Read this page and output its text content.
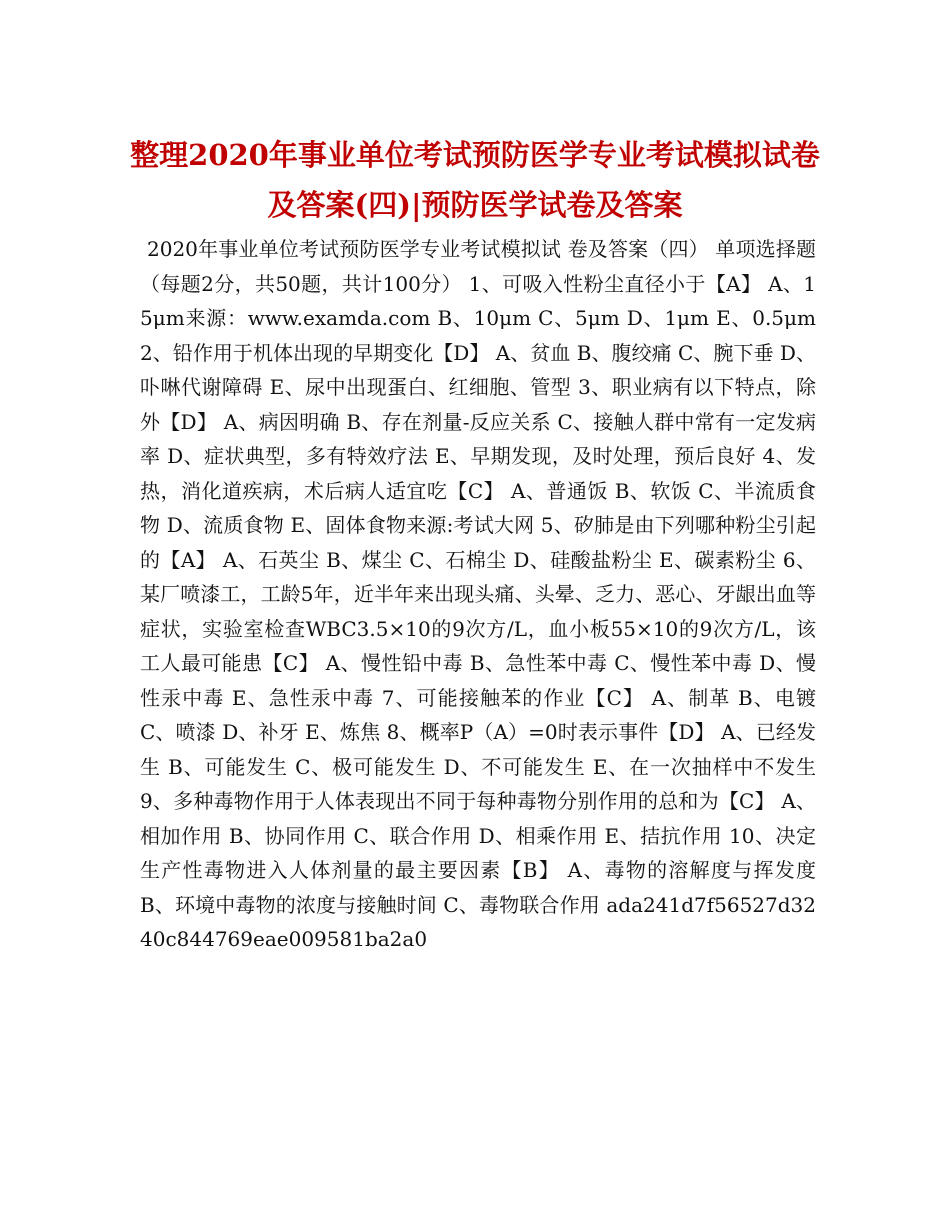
整理2020年事业单位考试预防医学专业考试模拟试卷
及答案(四)|预防医学试卷及答案

2020年事业单位考试预防医学专业考试模拟试 卷及答案（四） 单项选择题（每题2分，共50题，共计100分） 1、可吸入性粉尘直径小于【A】 A、15μm来源：www.examda.com B、10μm C、5μm D、1μm E、0.5μm 2、铅作用于机体出现的早期变化【D】 A、贫血 B、腹绞痛 C、腕下垂 D、卟啉代谢障碍 E、尿中出现蛋白、红细胞、管型 3、职业病有以下特点，除外【D】 A、病因明确 B、存在剂量-反应关系 C、接触人群中常有一定发病率 D、症状典型，多有特效疗法 E、早期发现，及时处理，预后良好 4、发热，消化道疾病，术后病人适宜吃【C】 A、普通饭 B、软饭 C、半流质食物 D、流质食物 E、固体食物来源:考试大网 5、矽肺是由下列哪种粉尘引起的【A】 A、石英尘 B、煤尘 C、石棉尘 D、硅酸盐粉尘 E、碳素粉尘 6、某厂喷漆工，工龄5年，近半年来出现头痛、头晕、乏力、恶心、牙龈出血等症状，实验室检查WBC3.5×10的9次方/L，血小板55×10的9次方/L，该工人最可能患【C】 A、慢性铅中毒 B、急性苯中毒 C、慢性苯中毒 D、慢性汞中毒 E、急性汞中毒 7、可能接触苯的作业【C】 A、制革 B、电镀 C、喷漆 D、补牙 E、炼焦 8、概率P（A）=0时表示事件【D】 A、已经发生 B、可能发生 C、极可能发生 D、不可能发生 E、在一次抽样中不发生 9、多种毒物作用于人体表现出不同于每种毒物分别作用的总和为【C】 A、相加作用 B、协同作用 C、联合作用 D、相乘作用 E、拮抗作用 10、决定生产性毒物进入人体剂量的最主要因素【B】 A、毒物的溶解度与挥发度 B、环境中毒物的浓度与接触时间 C、毒物联合作用 ada241d7f56527d3240c844769eae009581ba2a0
